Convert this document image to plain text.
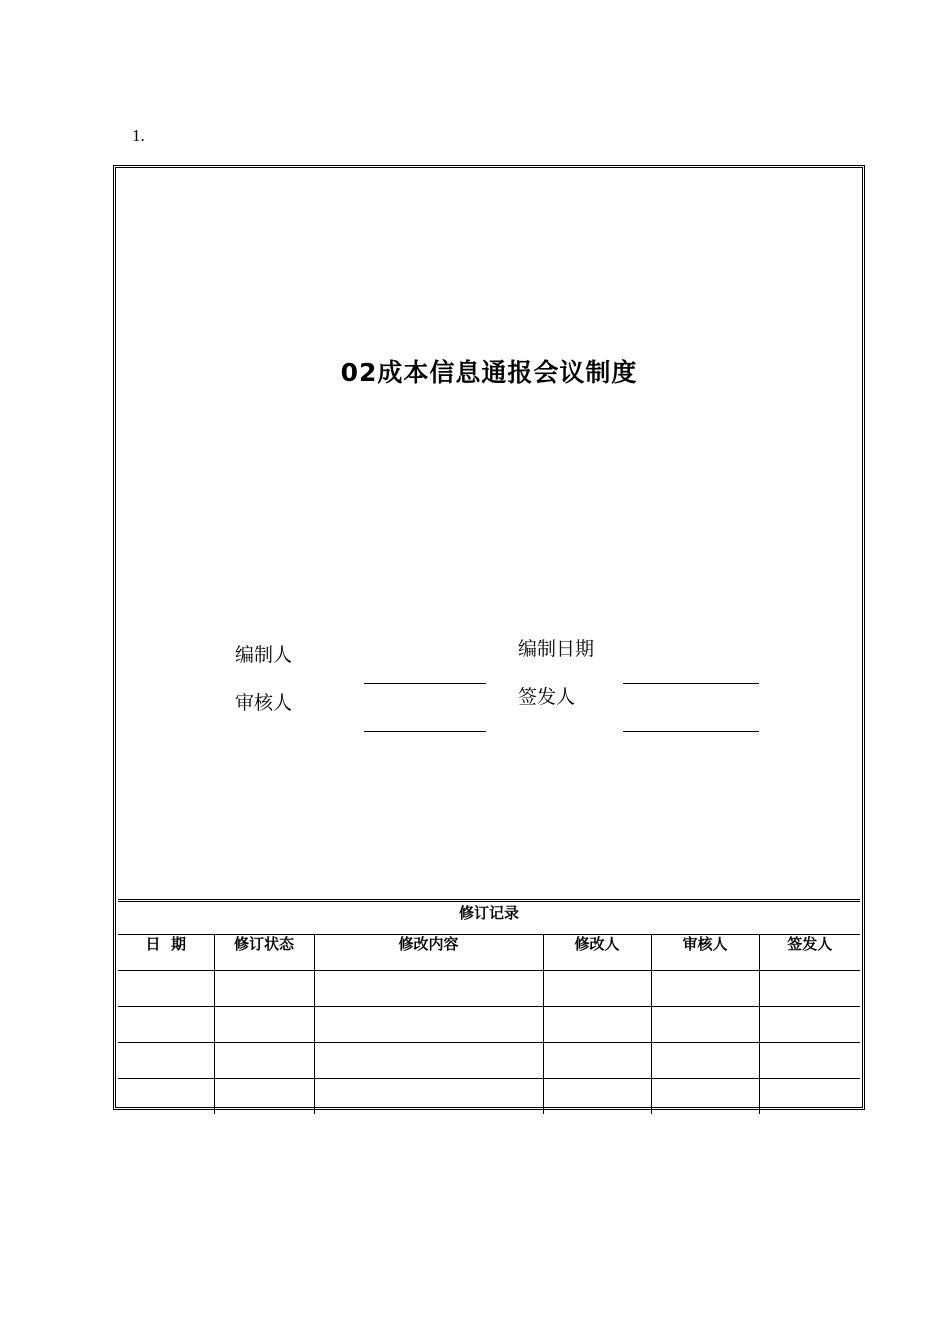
1.
02成本信息通报会议制度
编制人	编制日期
审核人	签发人
修订记录
日  期	修订状态	修改内容	修改人	审核人	签发人
